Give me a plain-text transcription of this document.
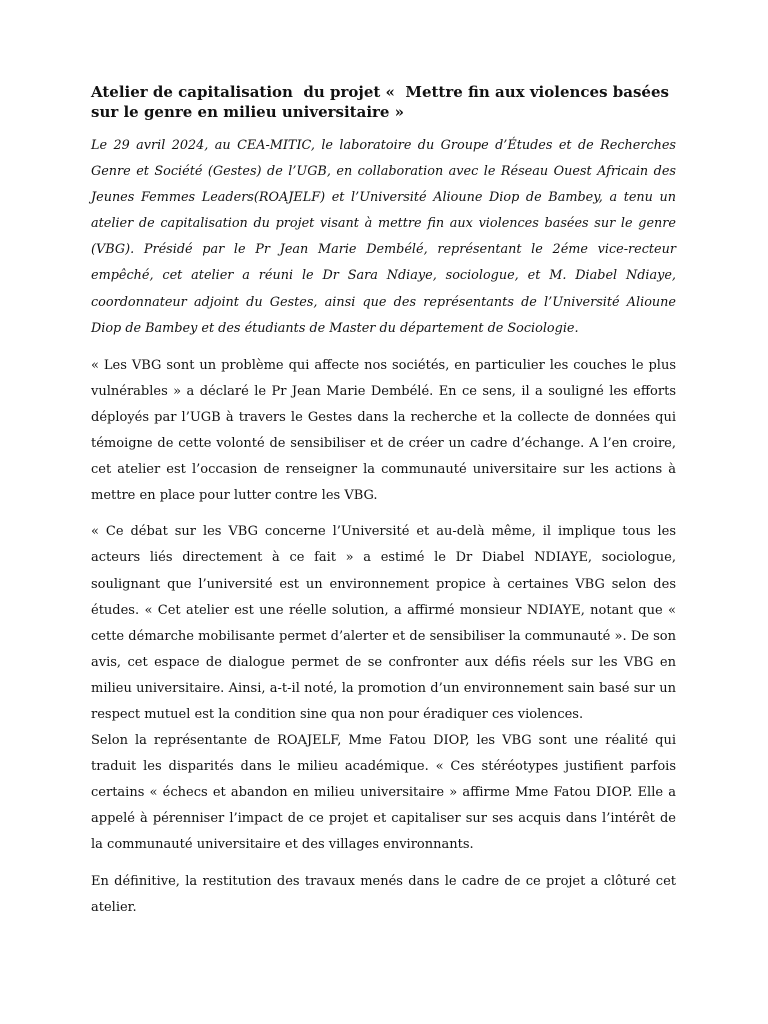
Atelier de capitalisation  du projet «  Mettre fin aux violences basées sur le genre en milieu universitaire »

Le 29 avril 2024, au CEA-MITIC, le laboratoire du Groupe d’Études et de Recherches Genre et Société (Gestes) de l’UGB, en collaboration avec le Réseau Ouest Africain des Jeunes Femmes Leaders(ROAJELF) et l’Université Alioune Diop de Bambey, a tenu un atelier de capitalisation du projet visant à mettre fin aux violences basées sur le genre (VBG). Présidé par le Pr Jean Marie Dembélé, représentant le 2éme vice-recteur empêché, cet atelier a réuni le Dr Sara Ndiaye, sociologue, et M. Diabel Ndiaye, coordonnateur adjoint du Gestes, ainsi que des représentants de l’Université Alioune Diop de Bambey et des étudiants de Master du département de Sociologie.

« Les VBG sont un problème qui affecte nos sociétés, en particulier les couches le plus vulnérables » a déclaré le Pr Jean Marie Dembélé. En ce sens, il a souligné les efforts déployés par l’UGB à travers le Gestes dans la recherche et la collecte de données qui témoigne de cette volonté de sensibiliser et de créer un cadre d’échange. A l’en croire, cet atelier est l’occasion de renseigner la communauté universitaire sur les actions à mettre en place pour lutter contre les VBG.

« Ce débat sur les VBG concerne l’Université et au-delà même, il implique tous les acteurs liés directement à ce fait » a estimé le Dr Diabel NDIAYE, sociologue, soulignant que l’université est un environnement propice à certaines VBG selon des études. « Cet atelier est une réelle solution, a affirmé monsieur NDIAYE, notant que « cette démarche mobilisante permet d’alerter et de sensibiliser la communauté ». De son avis, cet espace de dialogue permet de se confronter aux défis réels sur les VBG en milieu universitaire. Ainsi, a-t-il noté, la promotion d’un environnement sain basé sur un respect mutuel est la condition sine qua non pour éradiquer ces violences.

Selon la représentante de ROAJELF, Mme Fatou DIOP, les VBG sont une réalité qui traduit les disparités dans le milieu académique. « Ces stéréotypes justifient parfois certains « échecs et abandon en milieu universitaire » affirme Mme Fatou DIOP. Elle a appelé à pérenniser l’impact de ce projet et capitaliser sur ses acquis dans l’intérêt de la communauté universitaire et des villages environnants.

En définitive, la restitution des travaux menés dans le cadre de ce projet a clôturé cet atelier.
